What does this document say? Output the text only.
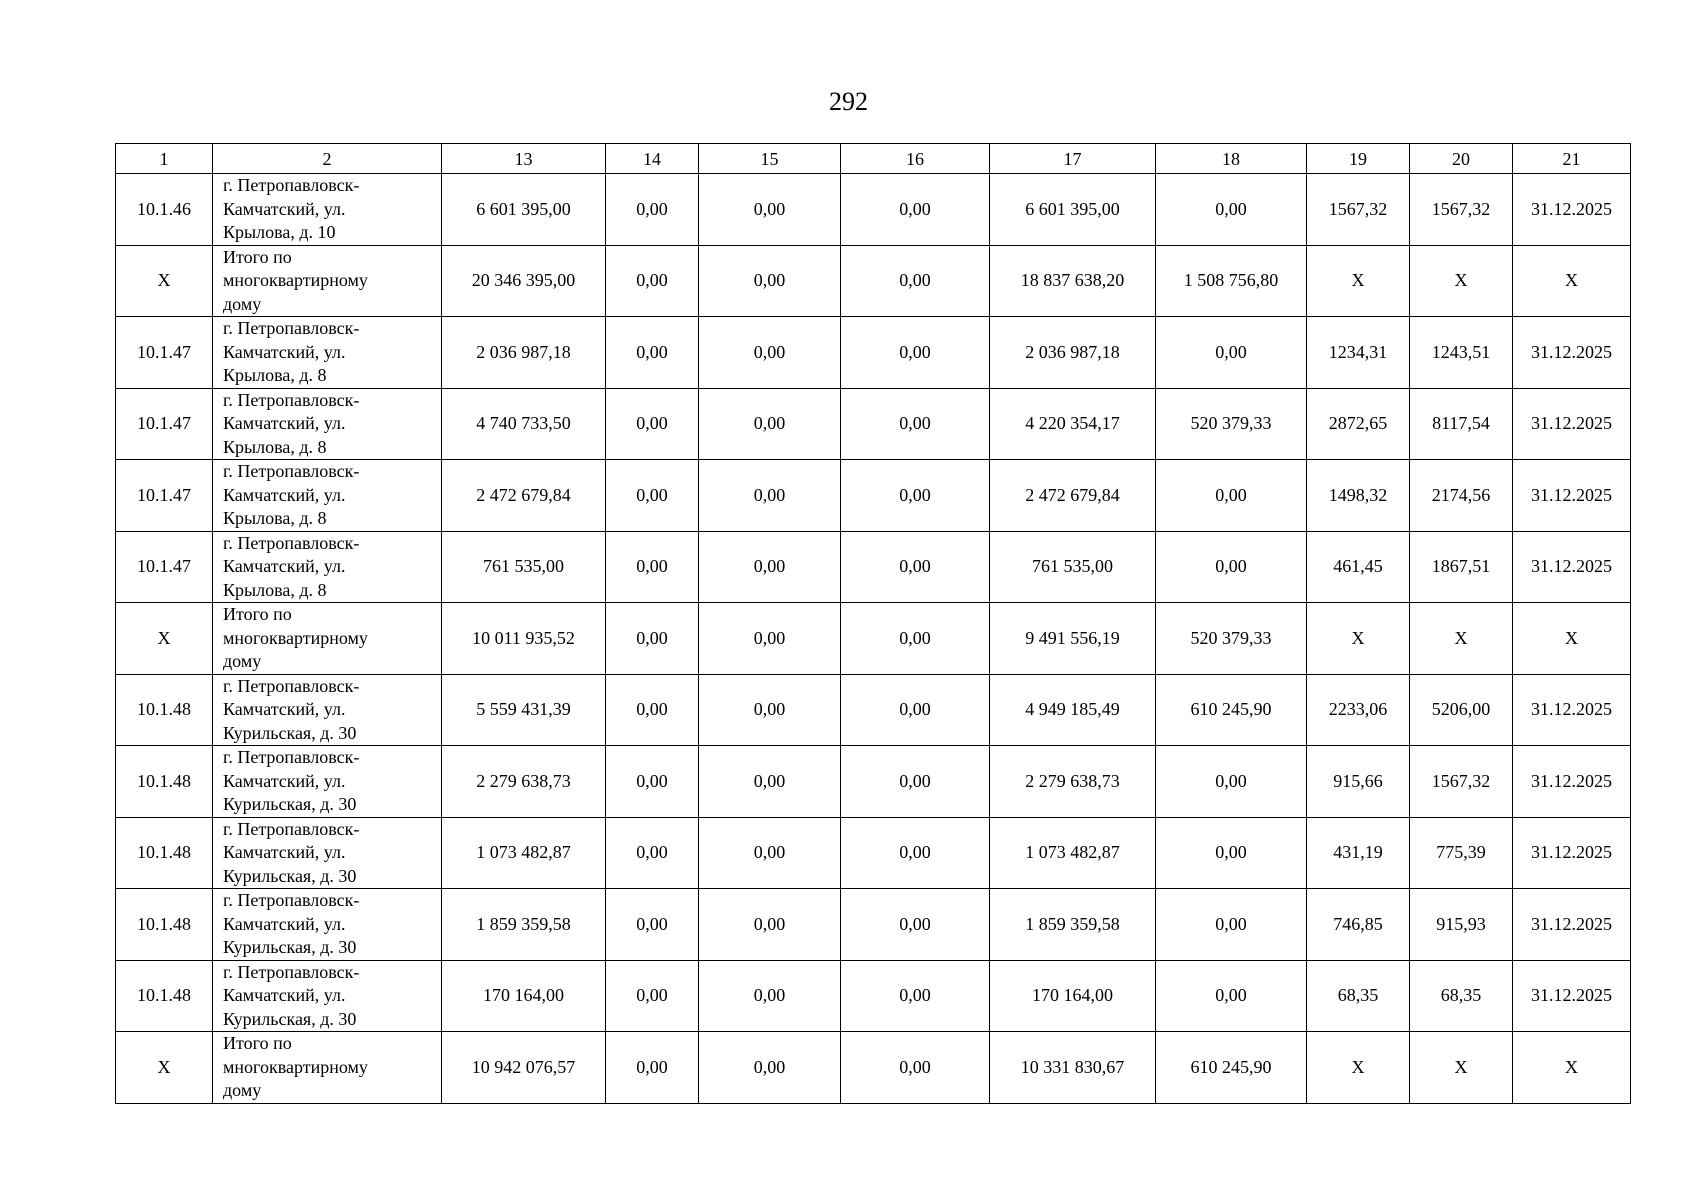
292
1	2	13	14	15	16	17	18	19	20	21
10.1.46	г. Петропавловск-
Камчатский, ул.
Крылова, д. 10	6 601 395,00	0,00	0,00	0,00	6 601 395,00	0,00	1567,32	1567,32	31.12.2025
Х	Итого по
многоквартирному
дому	20 346 395,00	0,00	0,00	0,00	18 837 638,20	1 508 756,80	Х	Х	Х
10.1.47	г. Петропавловск-
Камчатский, ул.
Крылова, д. 8	2 036 987,18	0,00	0,00	0,00	2 036 987,18	0,00	1234,31	1243,51	31.12.2025
10.1.47	г. Петропавловск-
Камчатский, ул.
Крылова, д. 8	4 740 733,50	0,00	0,00	0,00	4 220 354,17	520 379,33	2872,65	8117,54	31.12.2025
10.1.47	г. Петропавловск-
Камчатский, ул.
Крылова, д. 8	2 472 679,84	0,00	0,00	0,00	2 472 679,84	0,00	1498,32	2174,56	31.12.2025
10.1.47	г. Петропавловск-
Камчатский, ул.
Крылова, д. 8	761 535,00	0,00	0,00	0,00	761 535,00	0,00	461,45	1867,51	31.12.2025
Х	Итого по
многоквартирному
дому	10 011 935,52	0,00	0,00	0,00	9 491 556,19	520 379,33	Х	Х	Х
10.1.48	г. Петропавловск-
Камчатский, ул.
Курильская, д. 30	5 559 431,39	0,00	0,00	0,00	4 949 185,49	610 245,90	2233,06	5206,00	31.12.2025
10.1.48	г. Петропавловск-
Камчатский, ул.
Курильская, д. 30	2 279 638,73	0,00	0,00	0,00	2 279 638,73	0,00	915,66	1567,32	31.12.2025
10.1.48	г. Петропавловск-
Камчатский, ул.
Курильская, д. 30	1 073 482,87	0,00	0,00	0,00	1 073 482,87	0,00	431,19	775,39	31.12.2025
10.1.48	г. Петропавловск-
Камчатский, ул.
Курильская, д. 30	1 859 359,58	0,00	0,00	0,00	1 859 359,58	0,00	746,85	915,93	31.12.2025
10.1.48	г. Петропавловск-
Камчатский, ул.
Курильская, д. 30	170 164,00	0,00	0,00	0,00	170 164,00	0,00	68,35	68,35	31.12.2025
Х	Итого по
многоквартирному
дому	10 942 076,57	0,00	0,00	0,00	10 331 830,67	610 245,90	Х	Х	Х
